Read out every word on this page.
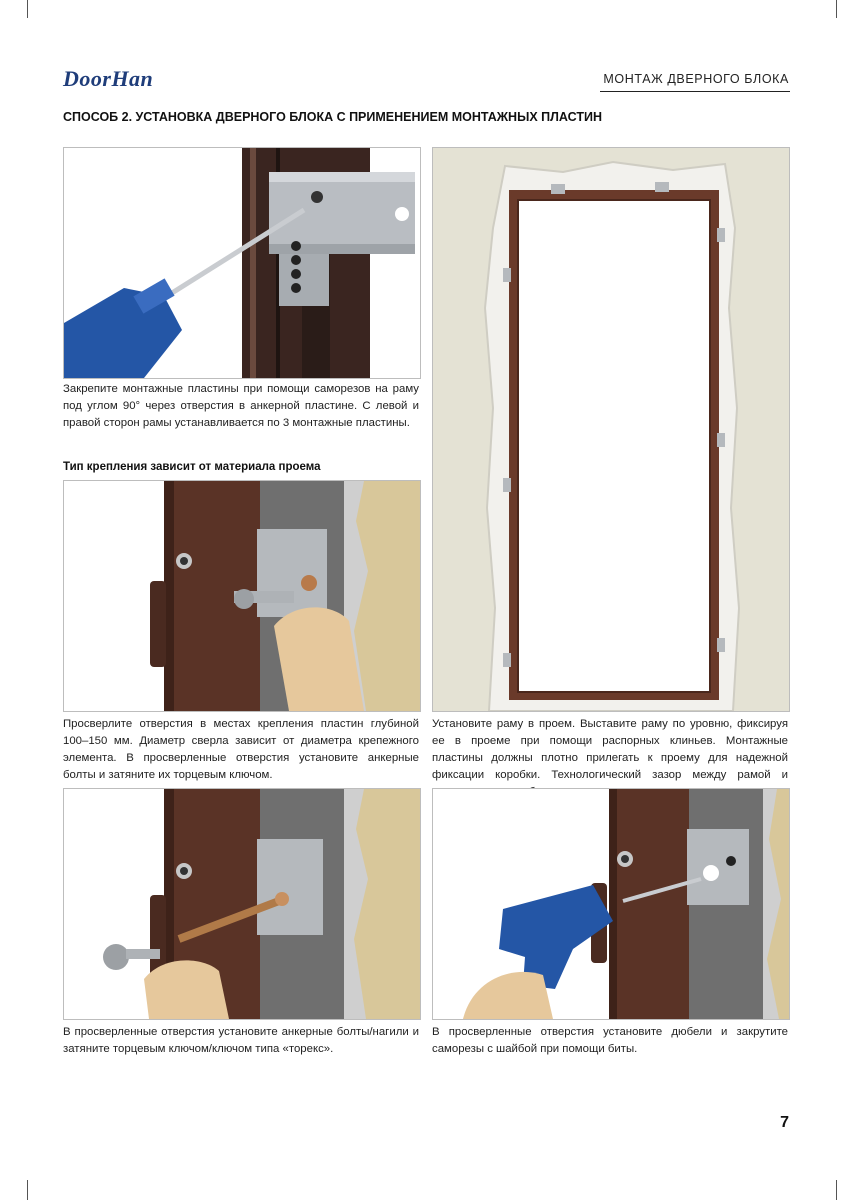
DoorHan	МОНТАЖ ДВЕРНОГО БЛОКА
СПОСОБ 2. УСТАНОВКА ДВЕРНОГО БЛОКА С ПРИМЕНЕНИЕМ МОНТАЖНЫХ ПЛАСТИН
Закрепите монтажные пластины при помощи саморезов на раму под углом 90° через отверстия в анкерной пластине. С левой и правой сторон рамы устанавливается по 3 монтажные пластины.
Тип крепления зависит от материала проема
Просверлите отверстия в местах крепления пластин глубиной 100–150 мм. Диаметр сверла зависит от диаметра крепежного элемента. В просверленные отверстия установите анкерные болты и затяните их торцевым ключом.
Установите раму в проем. Выставите раму по уровню, фиксируя ее в проеме при помощи распорных клиньев. Монтажные пластины должны плотно прилегать к проему для надежной фиксации коробки. Технологический зазор между рамой и
В просверленные отверстия установите анкерные болты/нагили и затяните торцевым ключом/ключом типа «торекс».
В просверленные отверстия установите дюбели и закрутите саморезы с шайбой при помощи биты.
7
